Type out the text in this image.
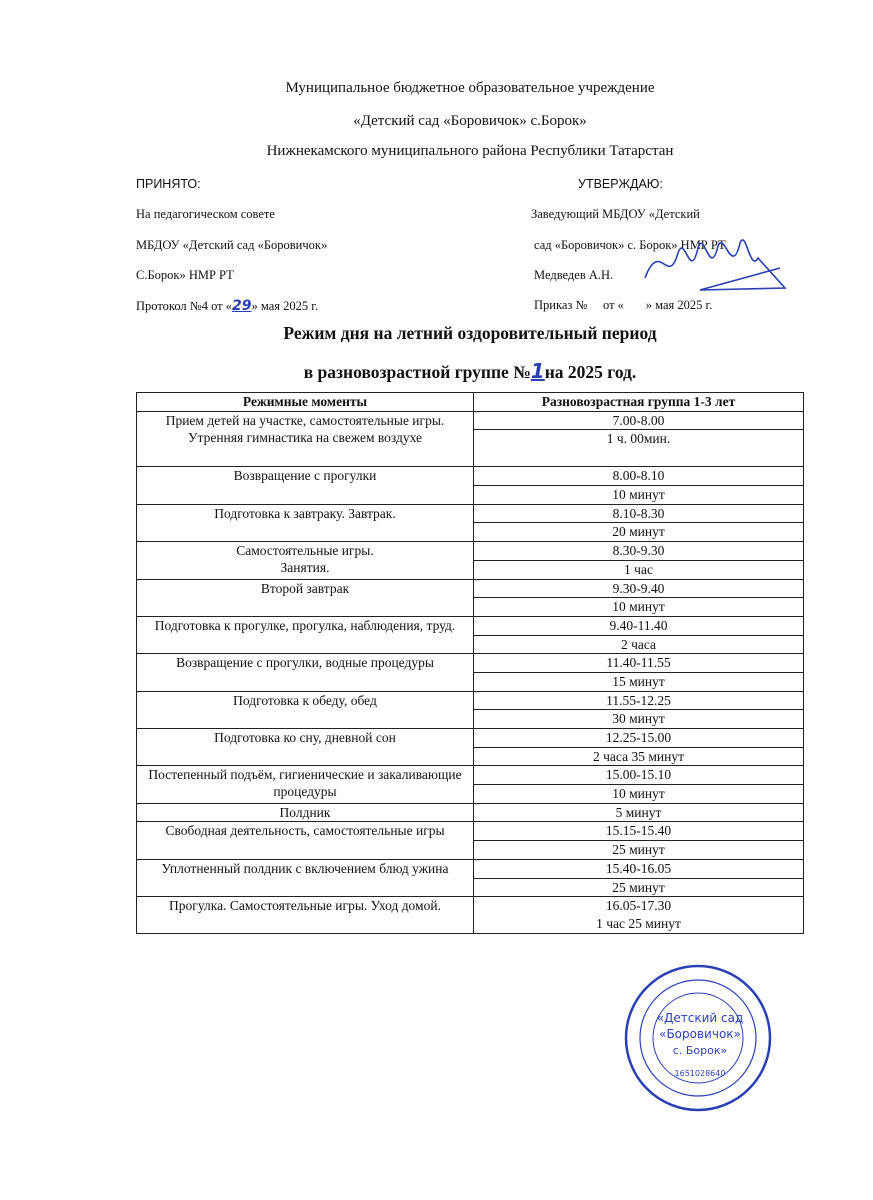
Муниципальное бюджетное образовательное учреждение
«Детский сад «Боровичок» с.Борок»
Нижнекамского муниципального района Республики Татарстан
ПРИНЯТО:
На педагогическом совете
МБДОУ «Детский сад «Боровичок»
С.Борок» НМР РТ
Протокол №4 от «29» мая 2025 г.
УТВЕРЖДАЮ:
Заведующий МБДОУ «Детский
сад «Боровичок» с. Борок» НМР РТ
Медведев А.Н.
Приказ №     от «       » мая 2025 г.
Режим дня на летний оздоровительный период
в разновозрастной группе №1на 2025 год.
«Детский сад
«Боровичок»
с. Борок»
1651028640
Режимные моменты	Разновозрастная группа 1-3 лет
Прием детей на участке, самостоятельные игры.
Утренняя гимнастика на свежем воздухе	7.00-8.00
	1 ч. 00мин.
Возвращение с прогулки	8.00-8.10
	10 минут
Подготовка к завтраку. Завтрак.	8.10-8.30
	20 минут
Самостоятельные игры.
Занятия.	8.30-9.30
	1 час
Второй завтрак	9.30-9.40
	10 минут
Подготовка к прогулке, прогулка, наблюдения, труд.	9.40-11.40
	2 часа
Возвращение с прогулки, водные процедуры	11.40-11.55
	15 минут
Подготовка к обеду, обед	11.55-12.25
	30 минут
Подготовка ко сну, дневной сон	12.25-15.00
	2 часа 35 минут
Постепенный подъём, гигиенические и закаливающие процедуры	15.00-15.10
	10 минут
Полдник	5 минут
Свободная деятельность, самостоятельные игры	15.15-15.40
	25 минут
Уплотненный полдник с включением блюд ужина	15.40-16.05
	25 минут
Прогулка. Самостоятельные игры. Уход домой.	16.05-17.30
	1 час 25 минут
